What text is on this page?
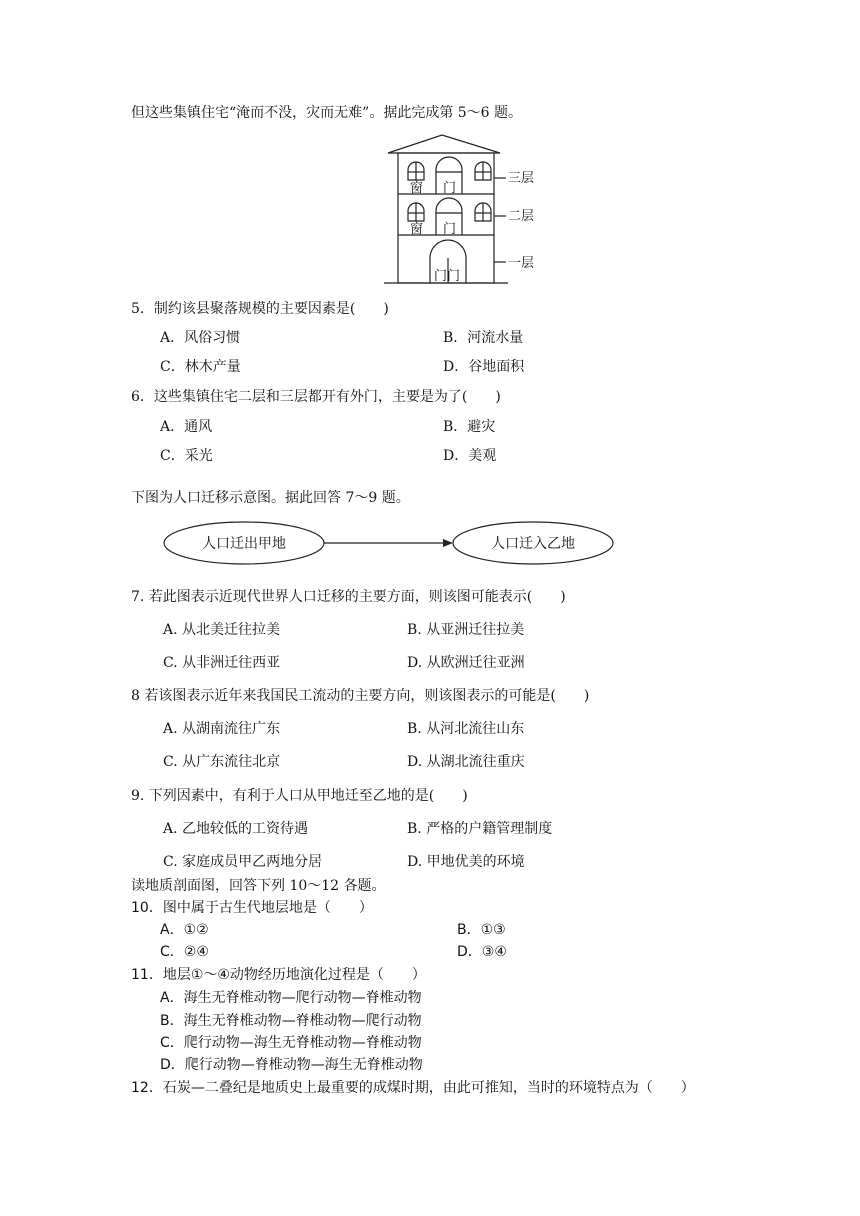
但这些集镇住宅“淹而不没，灾而无难”。据此完成第 5～6 题。
窗 门
窗 门
门门
三层
二层
一层
5．制约该县聚落规模的主要因素是(　　)
A．风俗习惯	B．河流水量
C．林木产量	D．谷地面积
6．这些集镇住宅二层和三层都开有外门，主要是为了(　　)
A．通风	B．避灾
C．采光	D．美观
下图为人口迁移示意图。据此回答 7～9 题。
人口迁出甲地	人口迁入乙地
7. 若此图表示近现代世界人口迁移的主要方面，则该图可能表示(　　)
A. 从北美迁往拉美	B. 从亚洲迁往拉美
C. 从非洲迁往西亚	D. 从欧洲迁往亚洲
8 若该图表示近年来我国民工流动的主要方向，则该图表示的可能是(　　)
A. 从湖南流往广东	B. 从河北流往山东
C. 从广东流往北京	D. 从湖北流往重庆
9. 下列因素中，有利于人口从甲地迁至乙地的是(　　)
A. 乙地较低的工资待遇	B. 严格的户籍管理制度
C. 家庭成员甲乙两地分居	D. 甲地优美的环境
读地质剖面图，回答下列 10～12 各题。
10．图中属于古生代地层地是（　　）
A．①②	B．①③
C．②④	D．③④
11．地层①～④动物经历地演化过程是（　　）
A．海生无脊椎动物—爬行动物—脊椎动物
B．海生无脊椎动物—脊椎动物—爬行动物
C．爬行动物—海生无脊椎动物—脊椎动物
D．爬行动物—脊椎动物—海生无脊椎动物
12．石炭—二叠纪是地质史上最重要的成煤时期，由此可推知，当时的环境特点为（　　）
